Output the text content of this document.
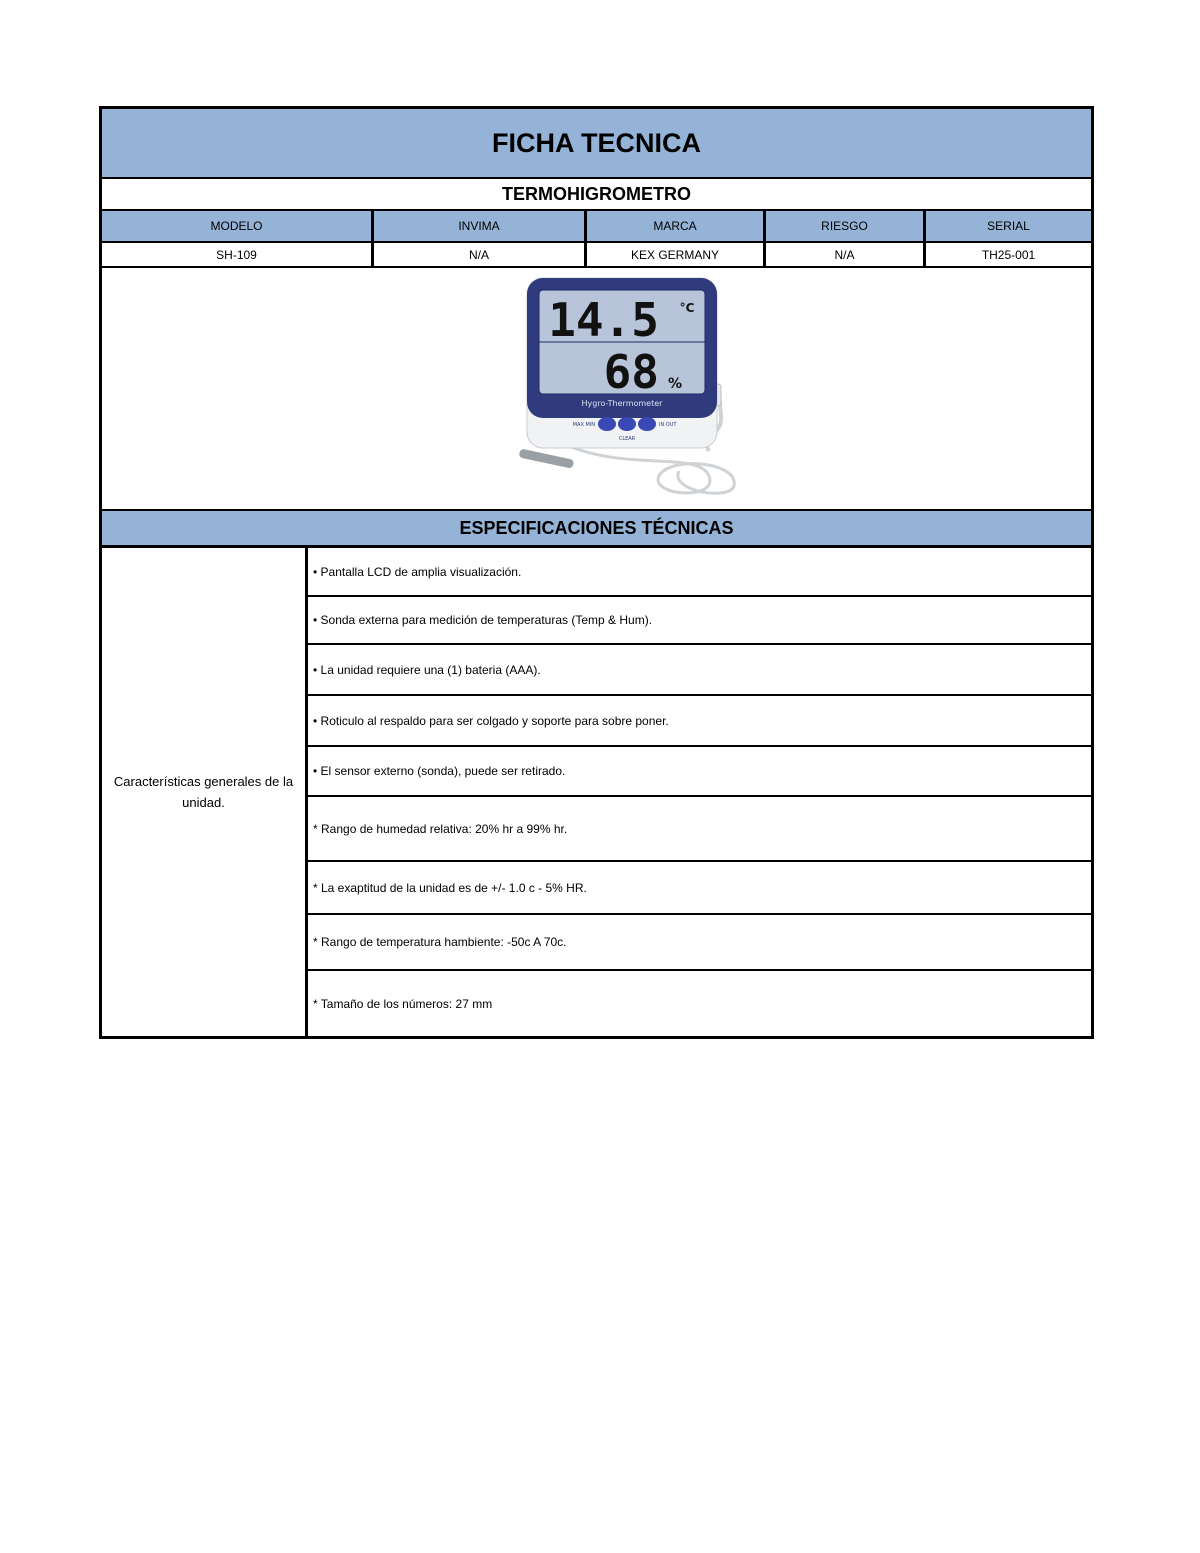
FICHA TECNICA
TERMOHIGROMETRO
MODELO	INVIMA	MARCA	RIESGO	SERIAL
SH-109	N/A	KEX GERMANY	N/A	TH25-001
14.5 °C
68 %
Hygro-Thermometer
MAX MIN	IN OUT
CLEAR
ESPECIFICACIONES TÉCNICAS
Características generales de la unidad.
• Pantalla LCD de amplia visualización.
• Sonda externa para medición de temperaturas (Temp & Hum).
• La unidad requiere una (1) bateria (AAA).
• Roticulo al respaldo para ser colgado y soporte para sobre poner.
• El sensor externo (sonda), puede ser retirado.
* Rango de humedad relativa: 20% hr a 99% hr.
* La exaptitud de la unidad es de +/- 1.0 c - 5% HR.
* Rango de temperatura hambiente: -50c A 70c.
* Tamaño de los números: 27 mm
